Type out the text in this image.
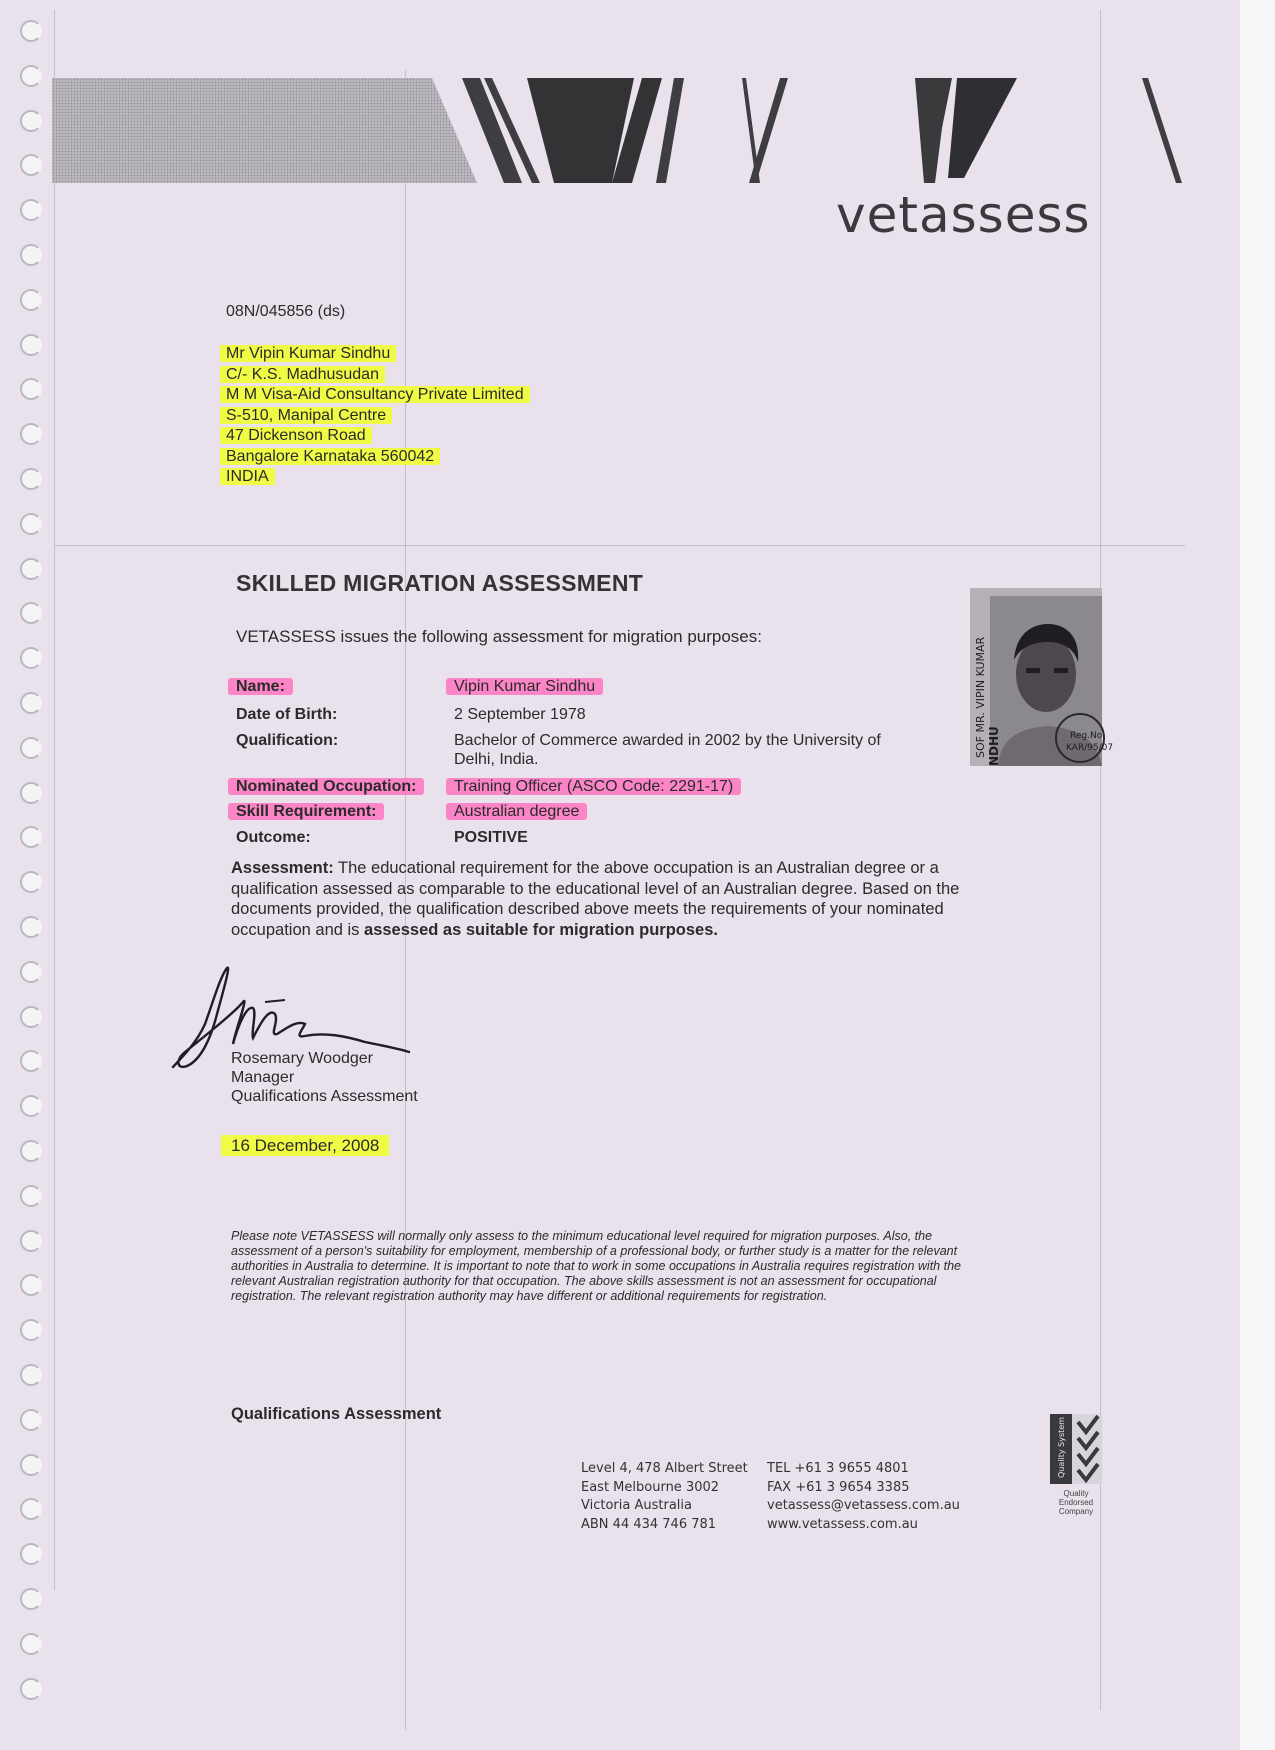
vetassess
08N/045856 (ds)
Mr Vipin Kumar Sindhu
C/- K.S. Madhusudan
M M Visa-Aid Consultancy Private Limited
S-510, Manipal Centre
47 Dickenson Road
Bangalore Karnataka 560042
INDIA
SKILLED MIGRATION ASSESSMENT
VETASSESS issues the following assessment for migration purposes:
Name:	Vipin Kumar Sindhu
Date of Birth:	2 September 1978
Qualification:	Bachelor of Commerce awarded in 2002 by the University of
Delhi, India.
Nominated Occupation:	Training Officer (ASCO Code: 2291-17)
Skill Requirement:	Australian degree
Outcome:	POSITIVE
Assessment: The educational requirement for the above occupation is an Australian degree or a qualification assessed as comparable to the educational level of an Australian degree. Based on the documents provided, the qualification described above meets the requirements of your nominated occupation and is assessed as suitable for migration purposes.
Rosemary Woodger
Manager
Qualifications Assessment
16 December, 2008
Please note VETASSESS will normally only assess to the minimum educational level required for migration purposes. Also, the assessment of a person's suitability for employment, membership of a professional body, or further study is a matter for the relevant authorities in Australia to determine. It is important to note that to work in some occupations in Australia requires registration with the relevant Australian registration authority for that occupation. The above skills assessment is not an assessment for occupational registration. The relevant registration authority may have different or additional requirements for registration.
Qualifications Assessment
Level 4, 478 Albert Street
East Melbourne 3002
Victoria Australia
ABN 44 434 746 781
TEL +61 3 9655 4801
FAX +61 3 9654 3385
vetassess@vetassess.com.au
www.vetassess.com.au
Reg.No
KAR/95/07
SOF MR. VIPIN KUMAR NDHU
Quality System
Quality Endorsed Company
